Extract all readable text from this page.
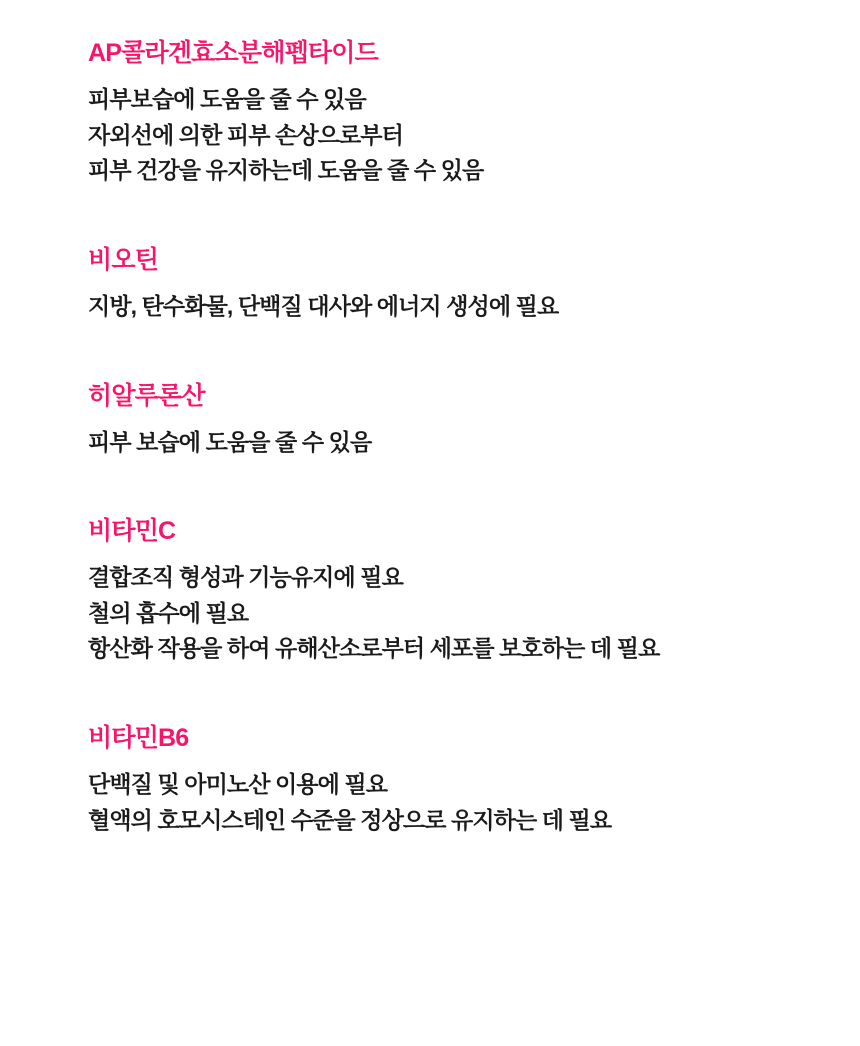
AP콜라겐효소분해펩타이드

피부보습에 도움을 줄 수 있음

자외선에 의한 피부 손상으로부터

피부 건강을 유지하는데 도움을 줄 수 있음

비오틴

지방, 탄수화물, 단백질 대사와 에너지 생성에 필요

히알루론산

피부 보습에 도움을 줄 수 있음

비타민C

결합조직 형성과 기능유지에 필요

철의 흡수에 필요

항산화 작용을 하여 유해산소로부터 세포를 보호하는 데 필요

비타민B6

단백질 및 아미노산 이용에 필요

혈액의 호모시스테인 수준을 정상으로 유지하는 데 필요
